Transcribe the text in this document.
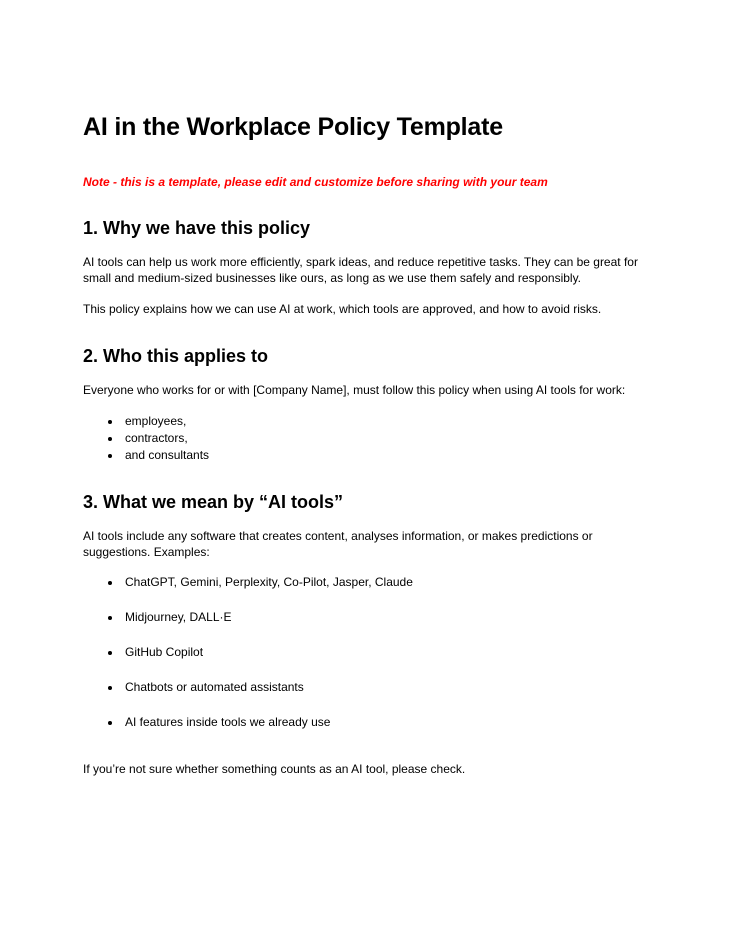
AI in the Workplace Policy Template

Note - this is a template, please edit and customize before sharing with your team

1. Why we have this policy

AI tools can help us work more efficiently, spark ideas, and reduce repetitive tasks. They can be great for small and medium-sized businesses like ours, as long as we use them safely and responsibly.

This policy explains how we can use AI at work, which tools are approved, and how to avoid risks.

2. Who this applies to

Everyone who works for or with [Company Name], must follow this policy when using AI tools for work:

employees,
contractors,
and consultants
3. What we mean by “AI tools”

AI tools include any software that creates content, analyses information, or makes predictions or suggestions. Examples:

ChatGPT, Gemini, Perplexity, Co-Pilot, Jasper, Claude
Midjourney, DALL·E
GitHub Copilot
Chatbots or automated assistants
AI features inside tools we already use

If you’re not sure whether something counts as an AI tool, please check.
